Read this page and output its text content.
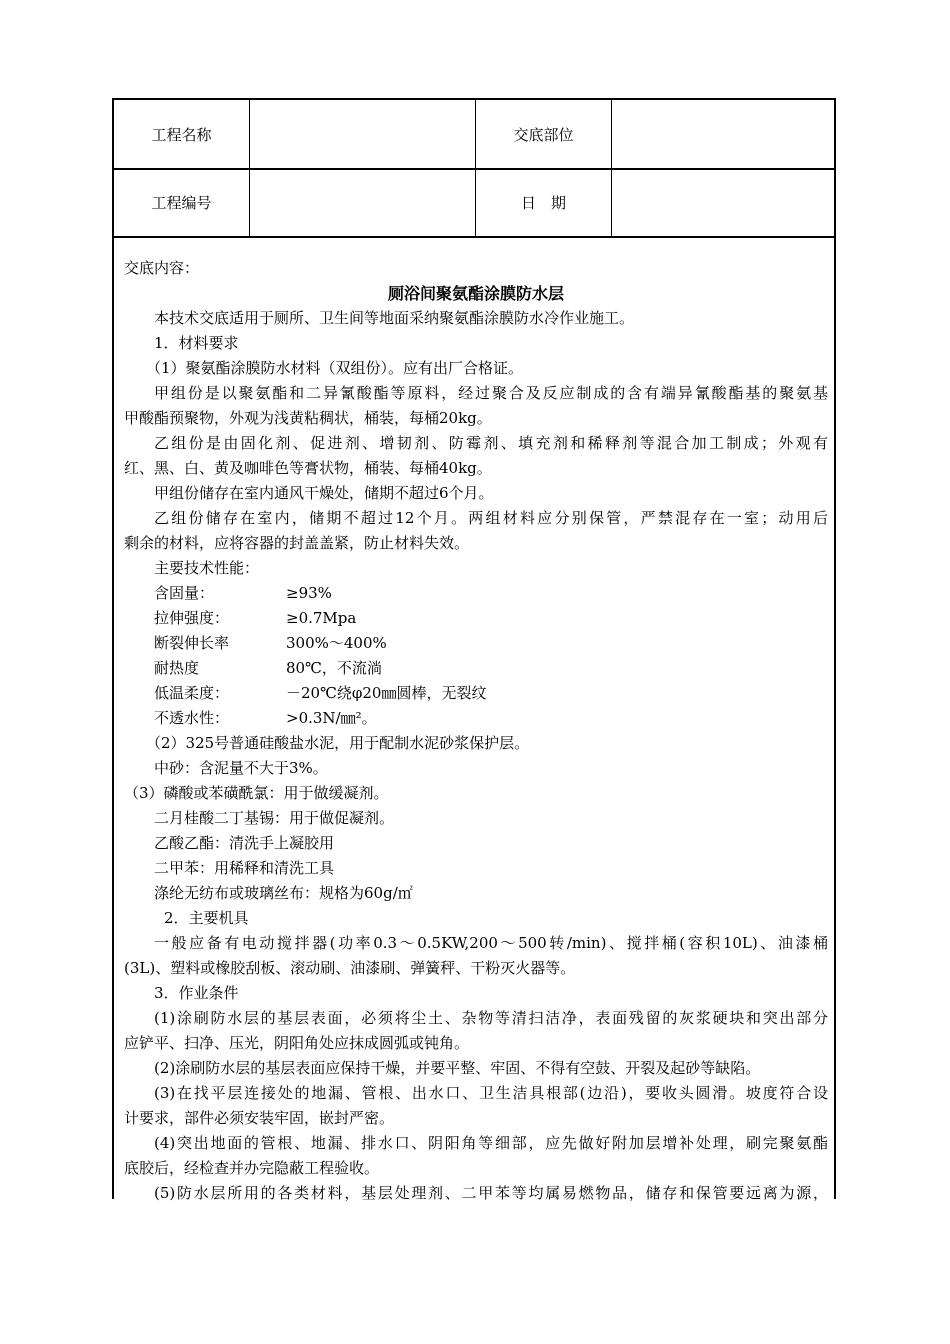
工程名称	交底部位
工程编号	日　期
交底内容：
厕浴间聚氨酯涂膜防水层
本技术交底适用于厕所、卫生间等地面采纳聚氨酯涂膜防水冷作业施工。
1．材料要求
（1）聚氨酯涂膜防水材料（双组份）。应有出厂合格证。
甲组份是以聚氨酯和二异氰酸酯等原料，经过聚合及反应制成的含有端异氰酸酯基的聚氨基
甲酸酯预聚物，外观为浅黄粘稠状，桶装，每桶20kg。
乙组份是由固化剂、促进剂、增韧剂、防霉剂、填充剂和稀释剂等混合加工制成；外观有
红、黑、白、黄及咖啡色等膏状物，桶装、每桶40kg。
甲组份储存在室内通风干燥处，储期不超过6个月。
乙组份储存在室内，储期不超过12个月。两组材料应分别保管，严禁混存在一室；动用后
剩余的材料，应将容器的封盖盖紧，防止材料失效。
主要技术性能：
含固量：	≥93%
拉伸强度：	≥0.7Mpa
断裂伸长率	300%～400%
耐热度	80℃，不流淌
低温柔度：	－20℃绕φ20㎜圆棒，无裂纹
不透水性：	>0.3N/㎜²。
（2）325号普通硅酸盐水泥，用于配制水泥砂浆保护层。
中砂：含泥量不大于3%。
（3）磷酸或苯磺酰氯：用于做缓凝剂。
二月桂酸二丁基锡：用于做促凝剂。
乙酸乙酯：清洗手上凝胶用
二甲苯：用稀释和清洗工具
涤纶无纺布或玻璃丝布：规格为60g/㎡
2．主要机具
一般应备有电动搅拌器(功率0.3～0.5KW,200～500转/min)、搅拌桶(容积10L)、油漆桶
(3L)、塑料或橡胶刮板、滚动刷、油漆刷、弹簧秤、干粉灭火器等。
3．作业条件
(1)涂刷防水层的基层表面，必须将尘土、杂物等清扫洁净，表面残留的灰浆硬块和突出部分
应铲平、扫净、压光，阴阳角处应抹成圆弧或钝角。
(2)涂刷防水层的基层表面应保持干燥，并要平整、牢固、不得有空鼓、开裂及起砂等缺陷。
(3)在找平层连接处的地漏、管根、出水口、卫生洁具根部(边沿)，要收头圆滑。坡度符合设
计要求，部件必须安装牢固，嵌封严密。
(4)突出地面的管根、地漏、排水口、阴阳角等细部，应先做好附加层增补处理，刷完聚氨酯
底胶后，经检查并办完隐蔽工程验收。
(5)防水层所用的各类材料，基层处理剂、二甲苯等均属易燃物品，储存和保管要远离为源，
